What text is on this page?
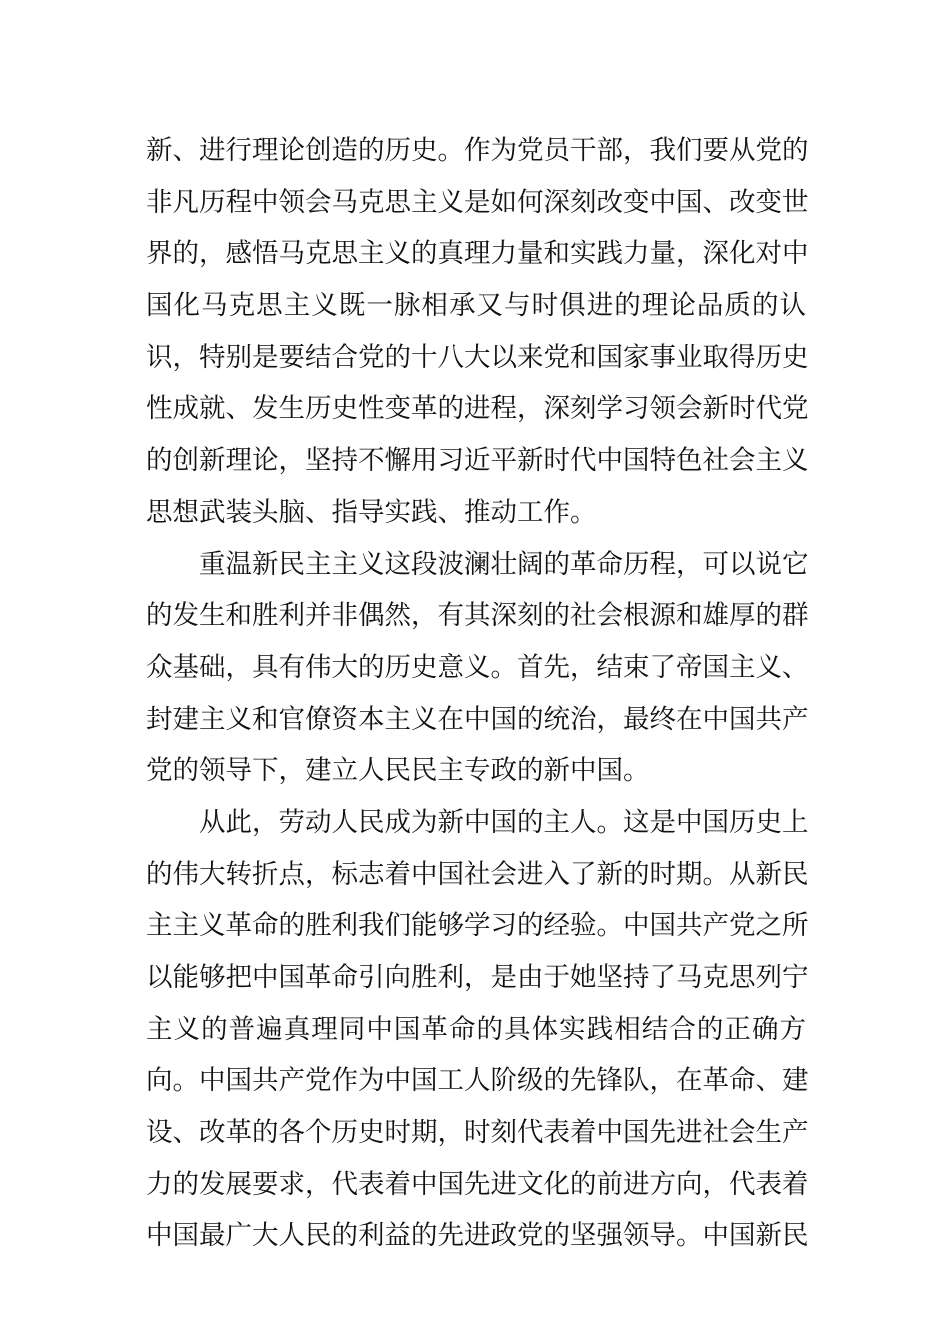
新、进行理论创造的历史。作为党员干部，我们要从党的
非凡历程中领会马克思主义是如何深刻改变中国、改变世
界的，感悟马克思主义的真理力量和实践力量，深化对中
国化马克思主义既一脉相承又与时俱进的理论品质的认
识，特别是要结合党的十八大以来党和国家事业取得历史
性成就、发生历史性变革的进程，深刻学习领会新时代党
的创新理论，坚持不懈用习近平新时代中国特色社会主义
思想武装头脑、指导实践、推动工作。
重温新民主主义这段波澜壮阔的革命历程，可以说它
的发生和胜利并非偶然，有其深刻的社会根源和雄厚的群
众基础，具有伟大的历史意义。首先，结束了帝国主义、
封建主义和官僚资本主义在中国的统治，最终在中国共产
党的领导下，建立人民民主专政的新中国。
从此，劳动人民成为新中国的主人。这是中国历史上
的伟大转折点，标志着中国社会进入了新的时期。从新民
主主义革命的胜利我们能够学习的经验。中国共产党之所
以能够把中国革命引向胜利，是由于她坚持了马克思列宁
主义的普遍真理同中国革命的具体实践相结合的正确方
向。中国共产党作为中国工人阶级的先锋队，在革命、建
设、改革的各个历史时期，时刻代表着中国先进社会生产
力的发展要求，代表着中国先进文化的前进方向，代表着
中国最广大人民的利益的先进政党的坚强领导。中国新民
